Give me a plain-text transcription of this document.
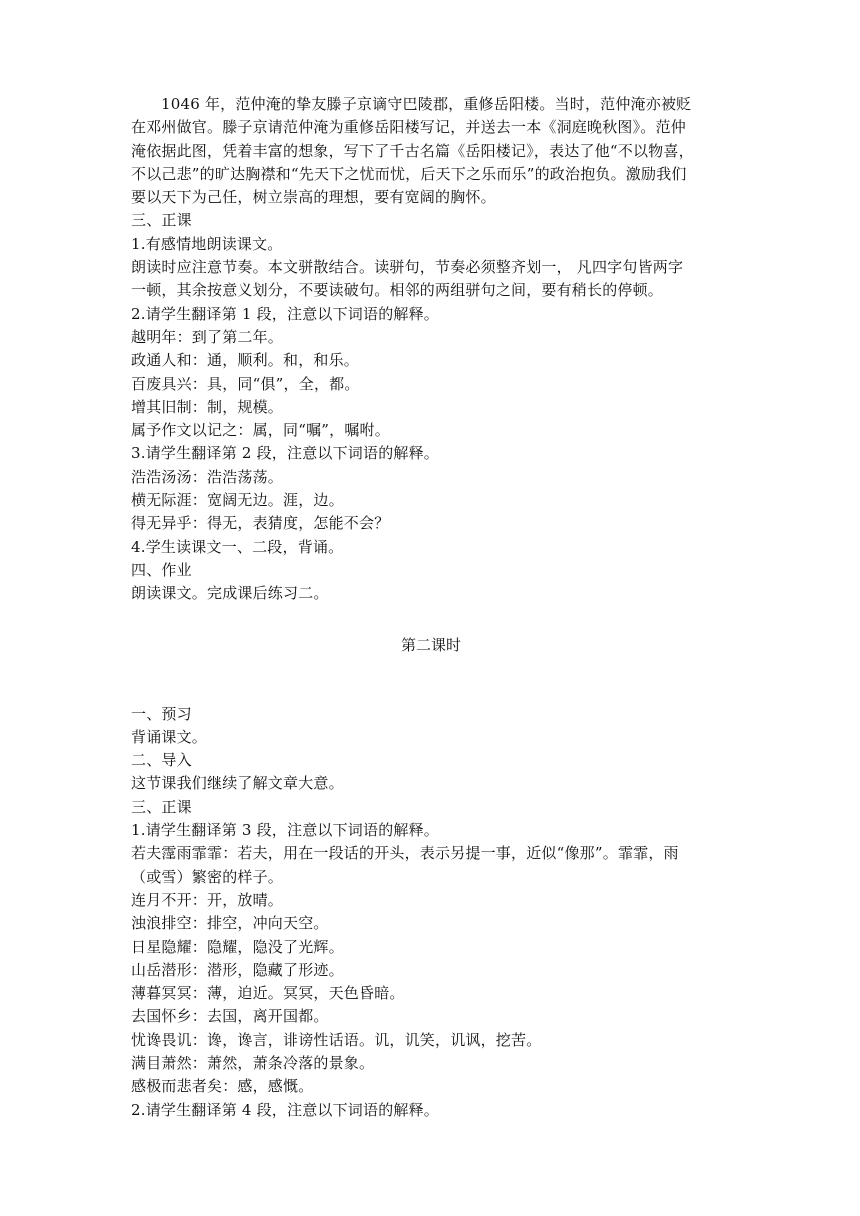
1046 年，范仲淹的挚友滕子京谪守巴陵郡，重修岳阳楼。当时，范仲淹亦被贬
在邓州做官。滕子京请范仲淹为重修岳阳楼写记，并送去一本《洞庭晚秋图》。范仲
淹依据此图，凭着丰富的想象，写下了千古名篇《岳阳楼记》，表达了他“不以物喜，
不以己悲”的旷达胸襟和“先天下之忧而忧，后天下之乐而乐”的政治抱负。激励我们
要以天下为己任，树立崇高的理想，要有宽阔的胸怀。
三、正课
1.有感情地朗读课文。
朗读时应注意节奏。本文骈散结合。读骈句，节奏必须整齐划一， 凡四字句皆两字
一顿，其余按意义划分，不要读破句。相邻的两组骈句之间，要有稍长的停顿。
2.请学生翻译第 1 段，注意以下词语的解释。
越明年：到了第二年。
政通人和：通，顺利。和，和乐。
百废具兴：具，同“俱”，全，都。
增其旧制：制，规模。
属予作文以记之：属，同“嘱”，嘱咐。
3.请学生翻译第 2 段，注意以下词语的解释。
浩浩汤汤：浩浩荡荡。
横无际涯：宽阔无边。涯，边。
得无异乎：得无，表猜度，怎能不会？
4.学生读课文一、二段，背诵。
四、作业
朗读课文。完成课后练习二。
第二课时
一、预习
背诵课文。
二、导入
这节课我们继续了解文章大意。
三、正课
1.请学生翻译第 3 段，注意以下词语的解释。
若夫霪雨霏霏：若夫，用在一段话的开头，表示另提一事，近似“像那”。霏霏，雨
（或雪）繁密的样子。
连月不开：开，放晴。
浊浪排空：排空，冲向天空。
日星隐耀：隐耀，隐没了光辉。
山岳潜形：潜形，隐藏了形迹。
薄暮冥冥：薄，迫近。冥冥，天色昏暗。
去国怀乡：去国，离开国都。
忧谗畏讥：谗，谗言，诽谤性话语。讥，讥笑，讥讽，挖苦。
满目萧然：萧然，萧条冷落的景象。
感极而悲者矣：感，感慨。
2.请学生翻译第 4 段，注意以下词语的解释。
